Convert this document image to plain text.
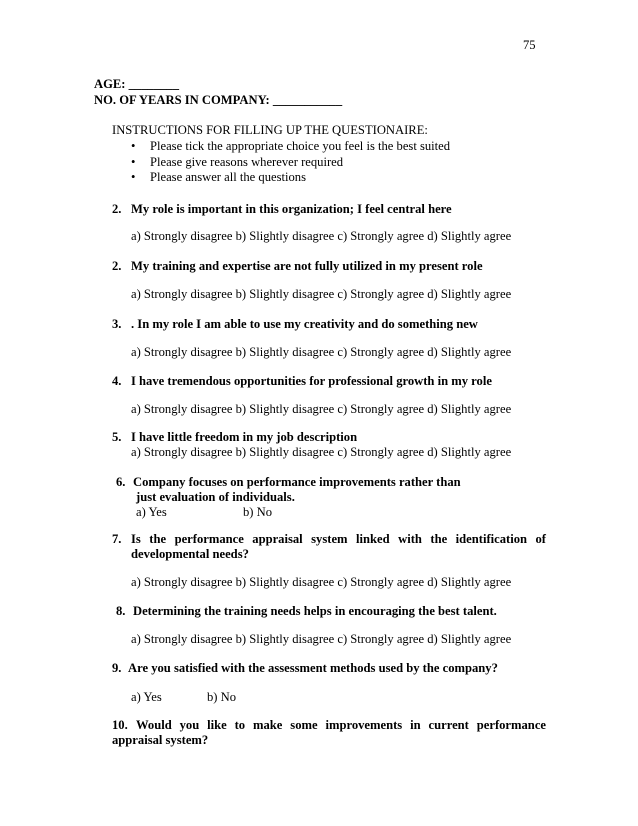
75
AGE: ________
NO. OF YEARS IN COMPANY: ___________
INSTRUCTIONS FOR FILLING UP THE QUESTIONAIRE:
• Please tick the appropriate choice you feel is the best suited
• Please give reasons wherever required
• Please answer all the questions
2. My role is important in this organization; I feel central here
a) Strongly disagree b) Slightly disagree c) Strongly agree d) Slightly agree
2. My training and expertise are not fully utilized in my present role
a) Strongly disagree b) Slightly disagree c) Strongly agree d) Slightly agree
3. . In my role I am able to use my creativity and do something new
a) Strongly disagree b) Slightly disagree c) Strongly agree d) Slightly agree
4. I have tremendous opportunities for professional growth in my role
a) Strongly disagree b) Slightly disagree c) Strongly agree d) Slightly agree
5. I have little freedom in my job description
a) Strongly disagree b) Slightly disagree c) Strongly agree d) Slightly agree
6. Company focuses on performance improvements rather than
just evaluation of individuals.
a) Yes	b) No
7. Is the performance appraisal system linked with the identification of
developmental needs?
a) Strongly disagree b) Slightly disagree c) Strongly agree d) Slightly agree
8. Determining the training needs helps in encouraging the best talent.
a) Strongly disagree b) Slightly disagree c) Strongly agree d) Slightly agree
9. Are you satisfied with the assessment methods used by the company?
a) Yes	b) No
10. Would you like to make some improvements in current performance
appraisal system?
